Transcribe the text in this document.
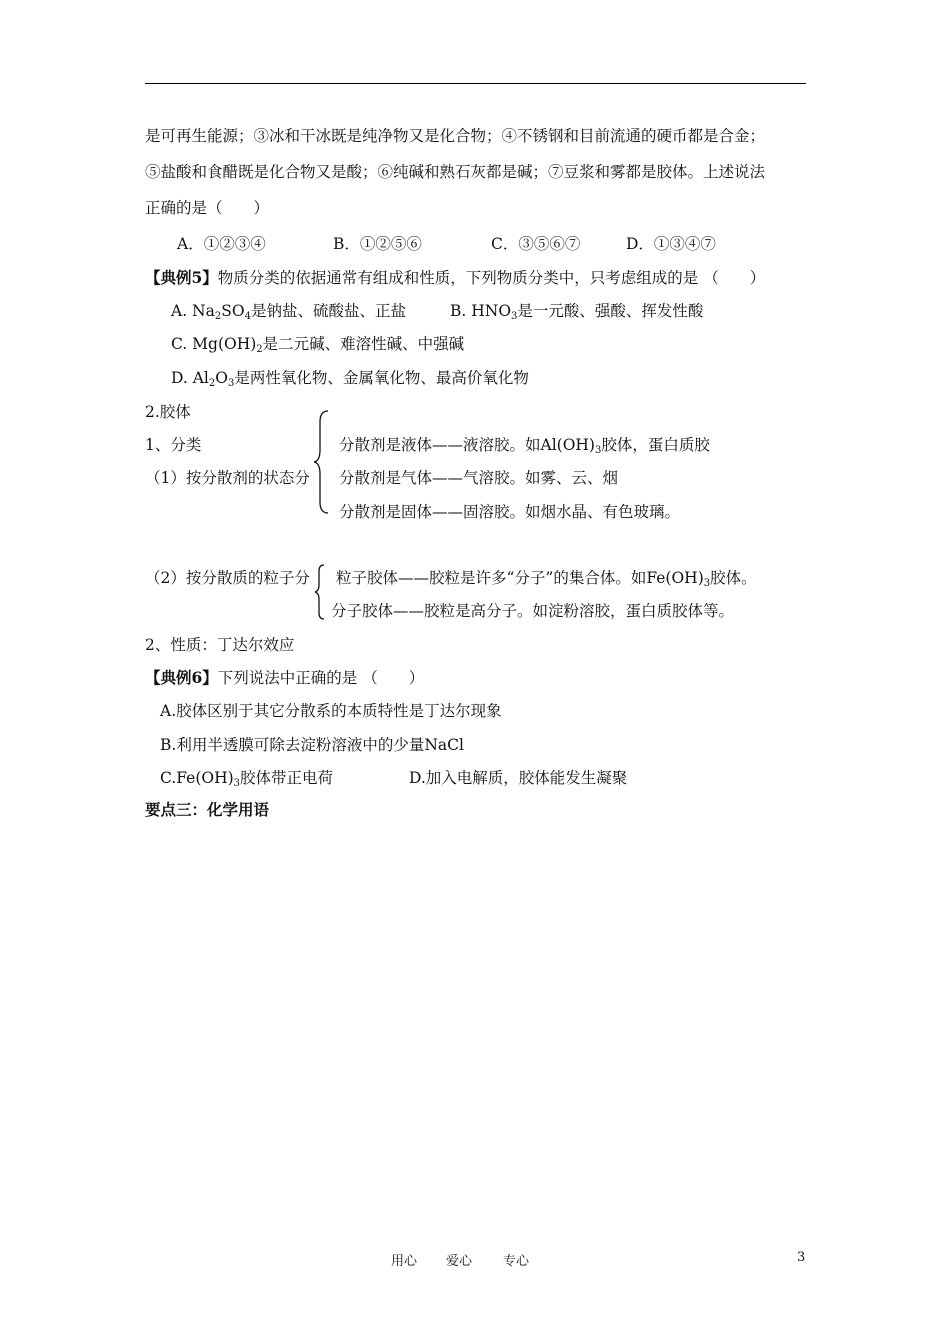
是可再生能源；③冰和干冰既是纯净物又是化合物；④不锈钢和目前流通的硬币都是合金；
⑤盐酸和食醋既是化合物又是酸；⑥纯碱和熟石灰都是碱；⑦豆浆和雾都是胶体。上述说法
正确的是（　　）
A．①②③④	B．①②⑤⑥	C．③⑤⑥⑦	D．①③④⑦
【典例5】物质分类的依据通常有组成和性质，下列物质分类中，只考虑组成的是 （　　）
A. $Na_2SO_4$是钠盐、硫酸盐、正盐	B. $HNO_3$是一元酸、强酸、挥发性酸
C. $Mg(OH)_2$是二元碱、难溶性碱、中强碱
D. $Al_2O_3$是两性氧化物、金属氧化物、最高价氧化物
2.胶体
1、分类
（1）按分散剂的状态分
分散剂是液体——液溶胶。如$Al(OH)_3$胶体，蛋白质胶
分散剂是气体——气溶胶。如雾、云、烟
分散剂是固体——固溶胶。如烟水晶、有色玻璃。
（2）按分散质的粒子分 粒子胶体——胶粒是许多“分子”的集合体。如$Fe(OH)_3$胶体。
分子胶体——胶粒是高分子。如淀粉溶胶，蛋白质胶体等。
2、性质：丁达尔效应
【典例6】下列说法中正确的是 （　　）
A.胶体区别于其它分散系的本质特性是丁达尔现象
B.利用半透膜可除去淀粉溶液中的少量NaCl
$C.Fe(OH)_3$胶体带正电荷	D.加入电解质，胶体能发生凝聚
要点三：化学用语
用心 爱心 专心	3
